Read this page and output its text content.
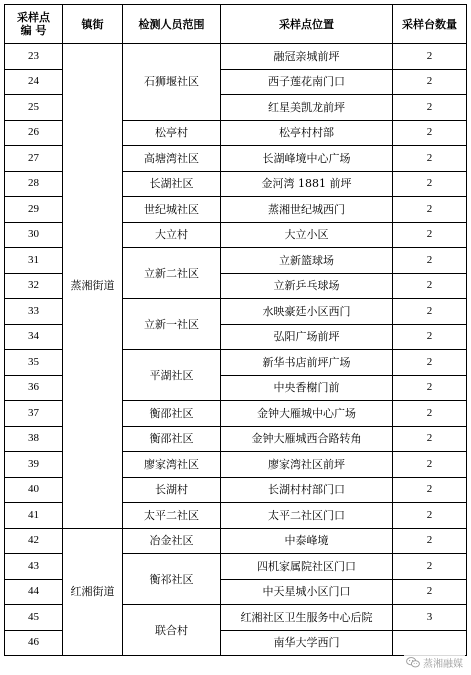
采样点
编 号	镇街	检测人员范围	采样点位置	采样台数量
23	蒸湘街道	石狮堰社区	融冠亲城前坪	2
24			西子莲花南门口	2
25			红星美凯龙前坪	2
26		松亭村	松亭村村部	2
27		高塘湾社区	长湖峰境中心广场	2
28		长湖社区	金河湾 1881 前坪	2
29		世纪城社区	蒸湘世纪城西门	2
30		大立村	大立小区	2
31		立新二社区	立新篮球场	2
32			立新乒乓球场	2
33		立新一社区	水映豪廷小区西门	2
34			弘阳广场前坪	2
35		平湖社区	新华书店前坪广场	2
36			中央香榭门前	2
37		衡邵社区	金钟大雁城中心广场	2
38		衡邵社区	金钟大雁城西合路转角	2
39		廖家湾社区	廖家湾社区前坪	2
40		长湖村	长湖村村部门口	2
41		太平二社区	太平二社区门口	2
42	红湘街道	冶金社区	中泰峰境	2
43		衡祁社区	四机家属院社区门口	2
44			中天星城小区门口	2
45		联合村	红湘社区卫生服务中心后院	3
46			南华大学西门	
蒸湘融媒
